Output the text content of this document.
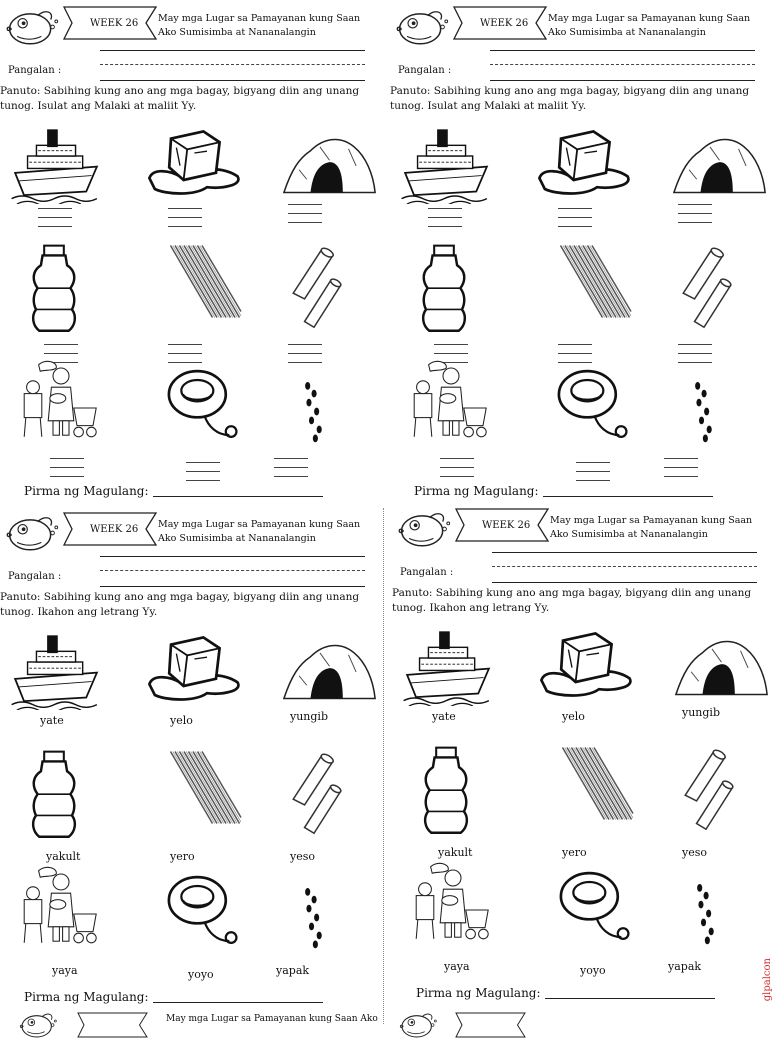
WEEK 26 May mga Lugar sa Pamayanan kung Saan Ako Sumisimba at Nananalangin
Pangalan :
Panuto: Sabihing kung ano ang mga bagay, bigyang diin ang unang tunog. Isulat ang Malaki at maliit Yy.
Pirma ng Magulang:
WEEK 26 May mga Lugar sa Pamayanan kung Saan Ako Sumisimba at Nananalangin
Pangalan :
Panuto: Sabihing kung ano ang mga bagay, bigyang diin ang unang tunog. Isulat ang Malaki at maliit Yy.
Pirma ng Magulang:
WEEK 26 May mga Lugar sa Pamayanan kung Saan Ako Sumisimba at Nananalangin
Pangalan :
Panuto: Sabihing kung ano ang mga bagay, bigyang diin ang unang tunog. Ikahon ang letrang Yy.
yate	yelo	yungib
yakult	yero	yeso
yaya	yoyo	yapak
Pirma ng Magulang:
WEEK 26 May mga Lugar sa Pamayanan kung Saan Ako Sumisimba at Nananalangin
Pangalan :
Panuto: Sabihing kung ano ang mga bagay, bigyang diin ang unang tunog. Ikahon ang letrang Yy.
yate	yelo	yungib
yakult	yero	yeso
yaya	yoyo	yapak
Pirma ng Magulang:
May mga Lugar sa Pamayanan kung Saan Ako
glpalcon
